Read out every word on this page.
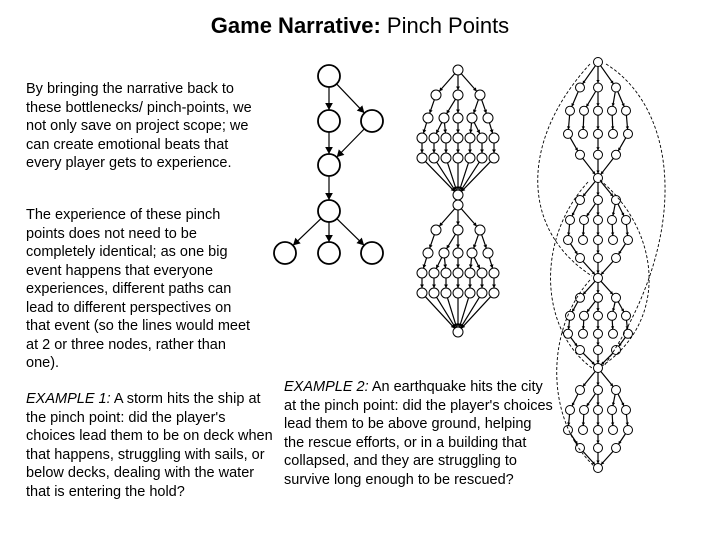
Game Narrative: Pinch Points

By bringing the narrative back to these bottlenecks/ pinch-points, we not only save on project scope; we can create emotional beats that every player gets to experience.

The experience of these pinch points does not need to be completely identical; as one big event happens that everyone experiences, different paths can lead to different perspectives on that event (so the lines would meet at 2 or three nodes, rather than one).

EXAMPLE 1: A storm hits the ship at the pinch point: did the player's choices lead them to be on deck when that happens, struggling with sails, or below decks, dealing with the water that is entering the hold?

EXAMPLE 2: An earthquake hits the city at the pinch point: did the player's choices lead them to be above ground, helping the rescue efforts, or in a building that collapsed, and they are struggling to survive long enough to be rescued?
